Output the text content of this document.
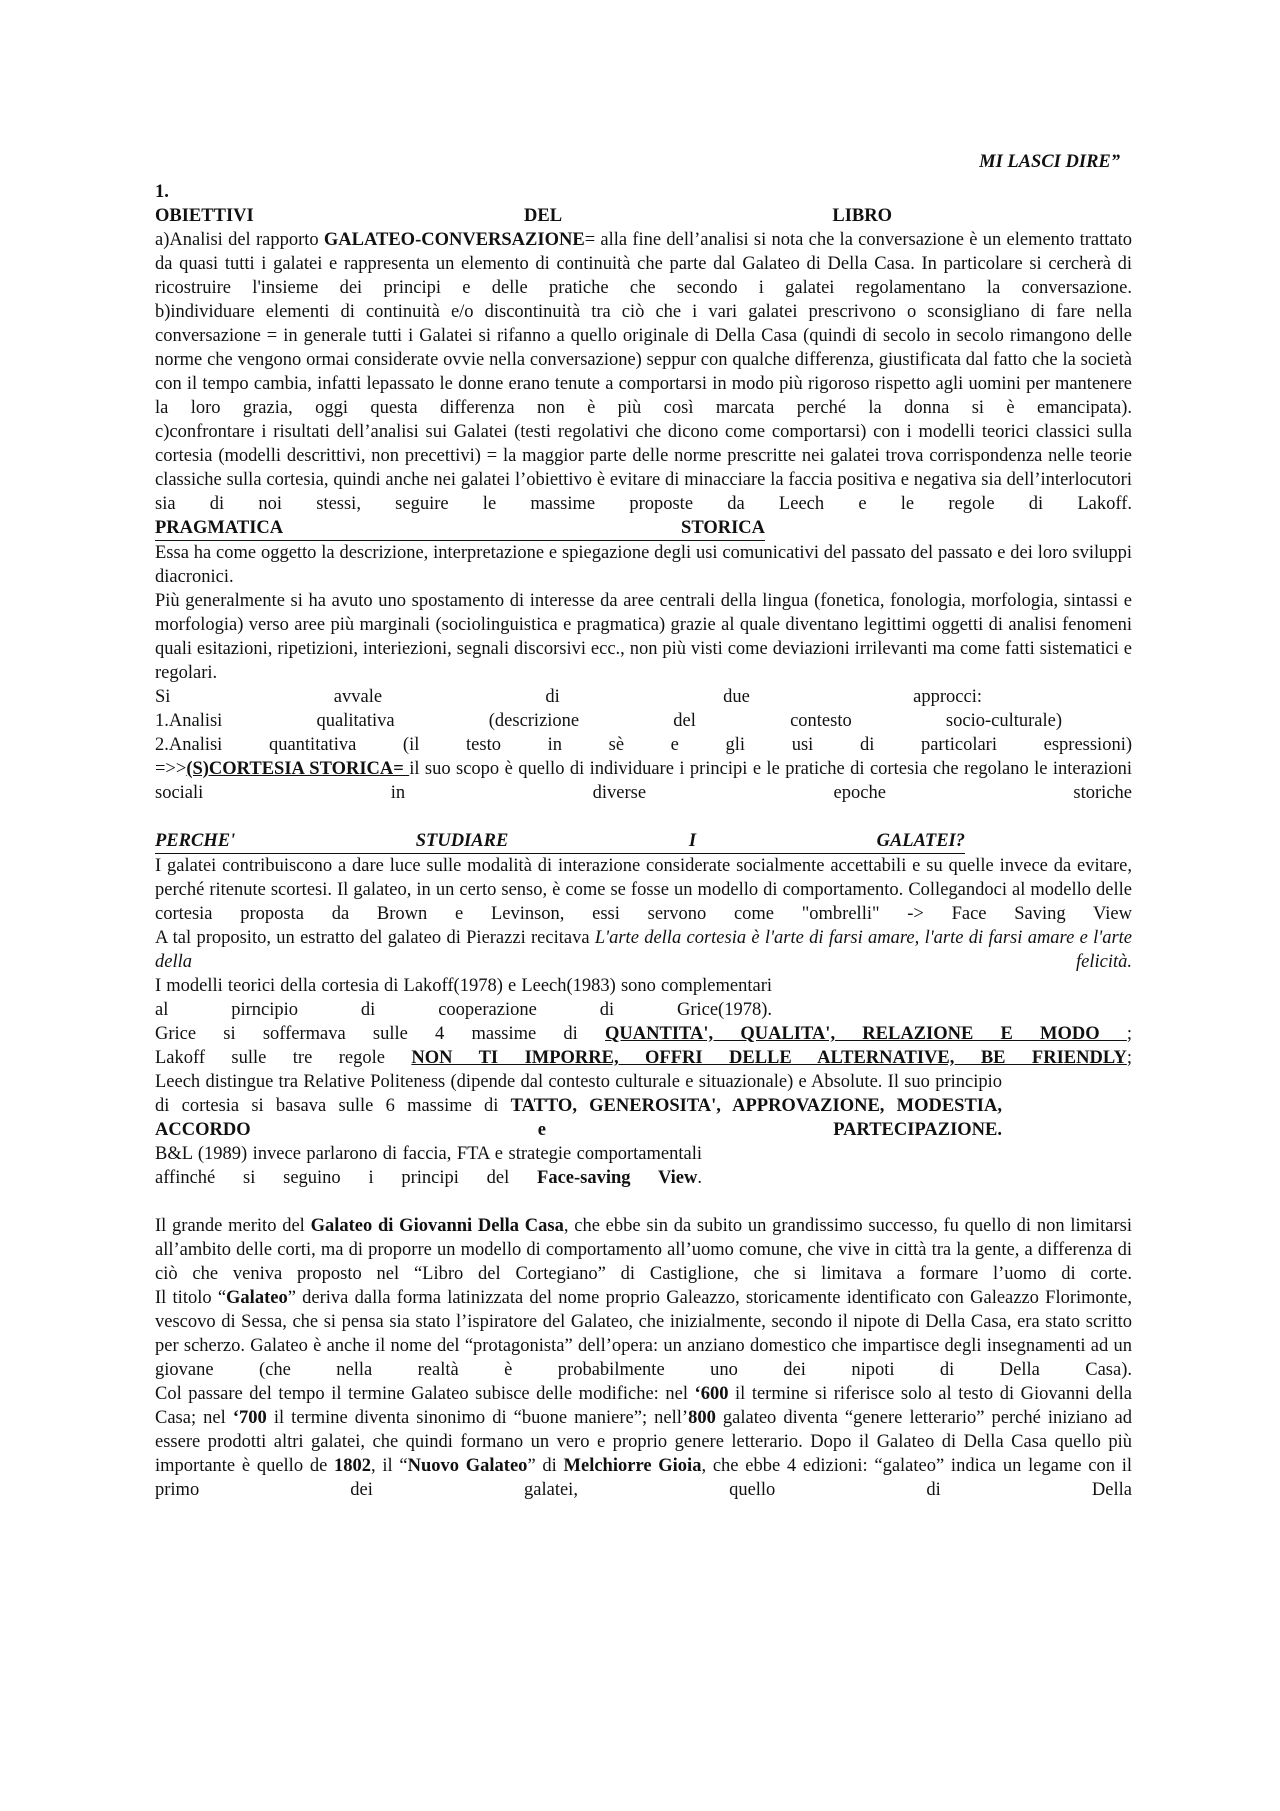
MI LASCI DIRE”
1.
OBIETTIVI	DEL	LIBRO

a)Analisi del rapporto GALATEO-CONVERSAZIONE= alla fine dell’analisi si nota che la conversazione è un elemento trattato da quasi tutti i galatei e rappresenta un elemento di continuità che parte dal Galateo di Della Casa. In particolare si cercherà di ricostruire l'insieme dei principi e delle pratiche che secondo i galatei regolamentano la conversazione.

b)individuare elementi di continuità e/o discontinuità tra ciò che i vari galatei prescrivono o sconsigliano di fare nella conversazione = in generale tutti i Galatei si rifanno a quello originale di Della Casa (quindi di secolo in secolo rimangono delle norme che vengono ormai considerate ovvie nella conversazione) seppur con qualche differenza, giustificata dal fatto che la società con il tempo cambia, infatti lepassato le donne erano tenute a comportarsi in modo più rigoroso rispetto agli uomini per mantenere la loro grazia, oggi questa differenza non è più così marcata perché la donna si è emancipata).

c)confrontare i risultati dell’analisi sui Galatei (testi regolativi che dicono come comportarsi) con i modelli teorici classici sulla cortesia (modelli descrittivi, non precettivi) = la maggior parte delle norme prescritte nei galatei trova corrispondenza nelle teorie classiche sulla cortesia, quindi anche nei galatei l’obiettivo è evitare di minacciare la faccia positiva e negativa sia dell’interlocutori sia di noi stessi, seguire le massime proposte da Leech e le regole di Lakoff.

PRAGMATICA	STORICA

Essa ha come oggetto la descrizione, interpretazione e spiegazione degli usi comunicativi del passato del passato e dei loro sviluppi diacronici.

Più generalmente si ha avuto uno spostamento di interesse da aree centrali della lingua (fonetica, fonologia, morfologia, sintassi e morfologia) verso aree più marginali (sociolinguistica e pragmatica) grazie al quale diventano legittimi oggetti di analisi fenomeni quali esitazioni, ripetizioni, interiezioni, segnali discorsivi ecc., non più visti come deviazioni irrilevanti ma come fatti sistematici e regolari.

Si avvale di due approcci:

1.Analisi qualitativa (descrizione del contesto socio-culturale)

2.Analisi quantitativa (il testo in sè e gli usi di particolari espressioni)

=>>(S)CORTESIA STORICA= il suo scopo è quello di individuare i principi e le pratiche di cortesia che regolano le interazioni sociali in diverse epoche storiche

PERCHE'	STUDIARE	I	GALATEI?

I galatei contribuiscono a dare luce sulle modalità di interazione considerate socialmente accettabili e su quelle invece da evitare, perché ritenute scortesi. Il galateo, in un certo senso, è come se fosse un modello di comportamento. Collegandoci al modello delle cortesia proposta da Brown e Levinson, essi servono come "ombrelli" -> Face Saving View

A tal proposito, un estratto del galateo di Pierazzi recitava L'arte della cortesia è l'arte di farsi amare, l'arte di farsi amare e l'arte della felicità.

I modelli teorici della cortesia di Lakoff(1978) e Leech(1983) sono complementari al pirncipio di cooperazione di Grice(1978).

Grice si soffermava sulle 4 massime di QUANTITA', QUALITA', RELAZIONE E MODO ;

Lakoff sulle tre regole NON TI IMPORRE, OFFRI DELLE ALTERNATIVE, BE FRIENDLY;

Leech distingue tra Relative Politeness (dipende dal contesto culturale e situazionale) e Absolute. Il suo principio di cortesia si basava sulle 6 massime di TATTO, GENEROSITA', APPROVAZIONE, MODESTIA, ACCORDO e PARTECIPAZIONE.

B&L (1989) invece parlarono di faccia, FTA e strategie comportamentali affinché si seguino i principi del Face-saving View.

Il grande merito del Galateo di Giovanni Della Casa, che ebbe sin da subito un grandissimo successo, fu quello di non limitarsi all’ambito delle corti, ma di proporre un modello di comportamento all’uomo comune, che vive in città tra la gente, a differenza di ciò che veniva proposto nel “Libro del Cortegiano” di Castiglione, che si limitava a formare l’uomo di corte.

Il titolo “Galateo” deriva dalla forma latinizzata del nome proprio Galeazzo, storicamente identificato con Galeazzo Florimonte, vescovo di Sessa, che si pensa sia stato l’ispiratore del Galateo, che inizialmente, secondo il nipote di Della Casa, era stato scritto per scherzo. Galateo è anche il nome del “protagonista” dell’opera: un anziano domestico che impartisce degli insegnamenti ad un giovane (che nella realtà è probabilmente uno dei nipoti di Della Casa).

Col passare del tempo il termine Galateo subisce delle modifiche: nel ‘600 il termine si riferisce solo al testo di Giovanni della Casa; nel ‘700 il termine diventa sinonimo di “buone maniere”; nell’800 galateo diventa “genere letterario” perché iniziano ad essere prodotti altri galatei, che quindi formano un vero e proprio genere letterario. Dopo il Galateo di Della Casa quello più importante è quello de 1802, il “Nuovo Galateo” di Melchiorre Gioia, che ebbe 4 edizioni: “galateo” indica un legame con il primo dei galatei, quello di Della
